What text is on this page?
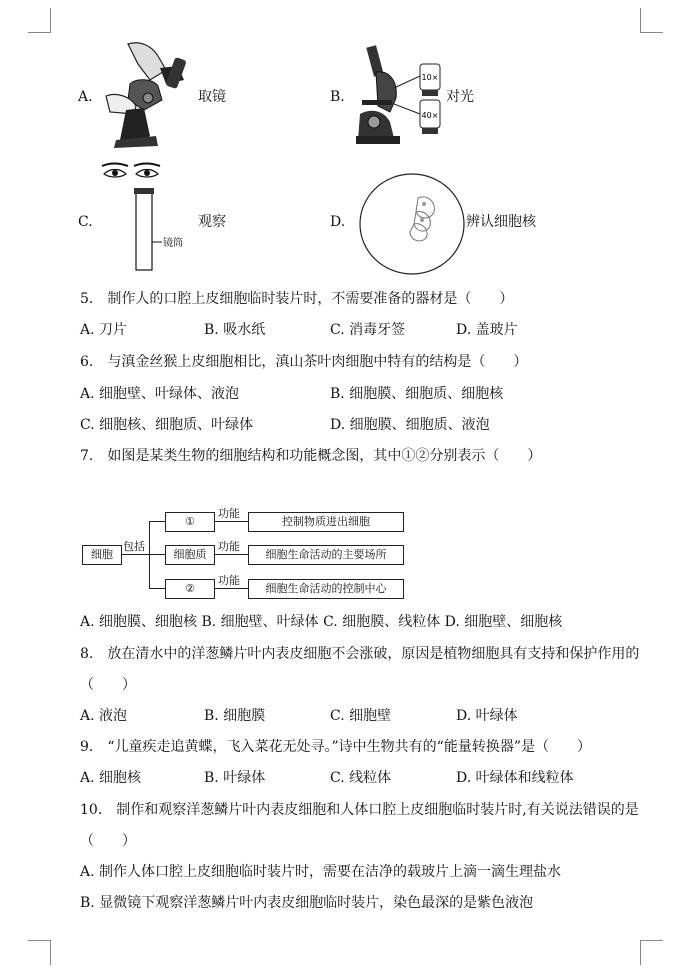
A.	取镜	B.
10×
40×
对光
C.
镜筒
观察	D.	辨认细胞核
5.　制作人的口腔上皮细胞临时装片时，不需要准备的器材是（　　）
A. 刀片	B. 吸水纸	C. 消毒牙签	D. 盖玻片
6.　与滇金丝猴上皮细胞相比，滇山茶叶肉细胞中特有的结构是（　　）
A. 细胞壁、叶绿体、液泡	B. 细胞膜、细胞质、细胞核
C. 细胞核、细胞质、叶绿体	D. 细胞膜、细胞质、液泡
7.　如图是某类生物的细胞结构和功能概念图，其中①②分别表示（　　）
细胞
包括
①
细胞质
②
功能
功能
功能
控制物质进出细胞
细胞生命活动的主要场所
细胞生命活动的控制中心
A. 细胞膜、细胞核 B. 细胞壁、叶绿体 C. 细胞膜、线粒体 D. 细胞壁、细胞核
8.　放在清水中的洋葱鳞片叶内表皮细胞不会涨破，原因是植物细胞具有支持和保护作用的
（　　）
A. 液泡	B. 细胞膜	C. 细胞壁	D. 叶绿体
9.　“儿童疾走追黄蝶，飞入菜花无处寻。”诗中生物共有的“能量转换器”是（　　）
A. 细胞核	B. 叶绿体	C. 线粒体	D. 叶绿体和线粒体
10.　制作和观察洋葱鳞片叶内表皮细胞和人体口腔上皮细胞临时装片时,有关说法错误的是
（　　）
A. 制作人体口腔上皮细胞临时装片时，需要在洁净的载玻片上滴一滴生理盐水
B. 显微镜下观察洋葱鳞片叶内表皮细胞临时装片，染色最深的是紫色液泡
